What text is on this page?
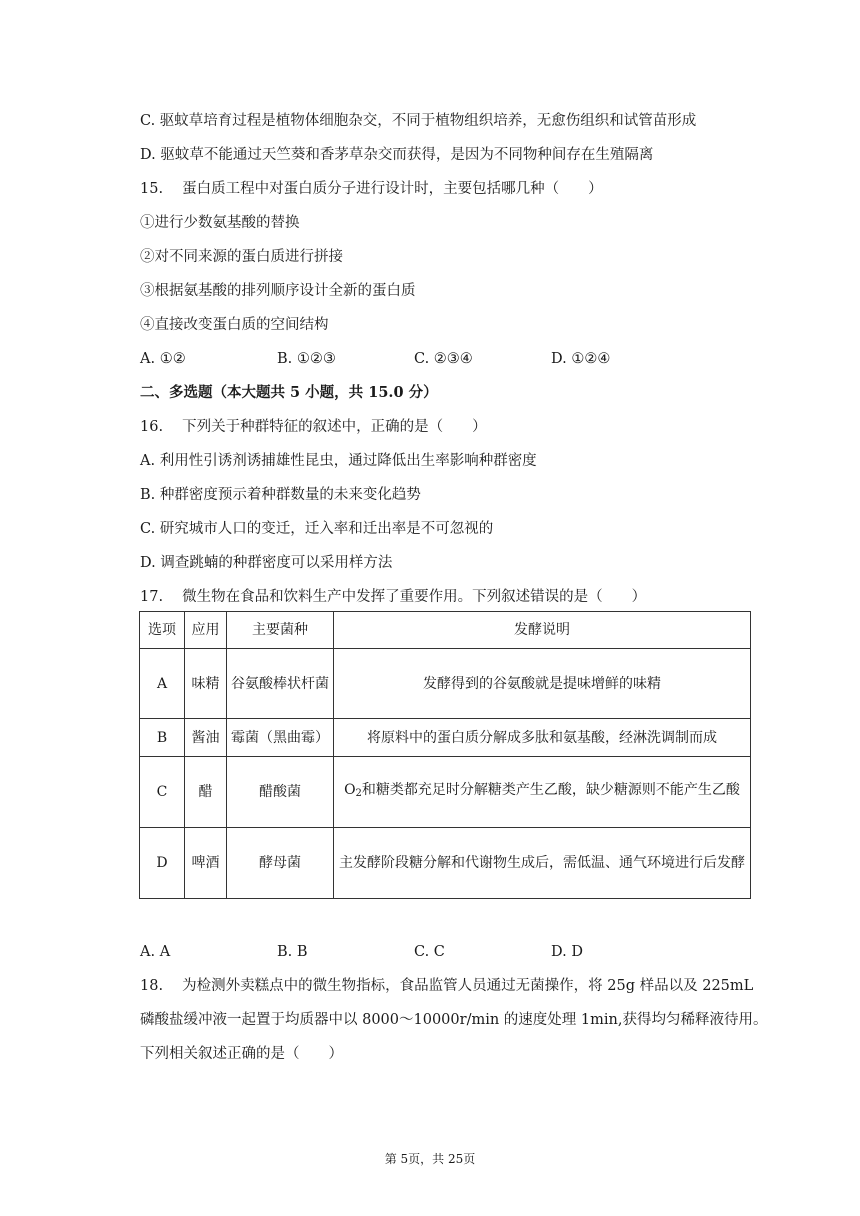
C. 驱蚊草培育过程是植物体细胞杂交，不同于植物组织培养，无愈伤组织和试管苗形成
D. 驱蚊草不能通过天竺葵和香茅草杂交而获得，是因为不同物种间存在生殖隔离
15.　 蛋白质工程中对蛋白质分子进行设计时，主要包括哪几种（　　）
①进行少数氨基酸的替换
②对不同来源的蛋白质进行拼接
③根据氨基酸的排列顺序设计全新的蛋白质
④直接改变蛋白质的空间结构
A. ①②	B. ①②③	C. ②③④	D. ①②④
二、多选题（本大题共 5 小题，共 15.0 分）
16.　 下列关于种群特征的叙述中，正确的是（　　）
A. 利用性引诱剂诱捕雄性昆虫，通过降低出生率影响种群密度
B. 种群密度预示着种群数量的未来变化趋势
C. 研究城市人口的变迁，迁入率和迁出率是不可忽视的
D. 调查跳蝻的种群密度可以采用样方法
17.　 微生物在食品和饮料生产中发挥了重要作用。下列叙述错误的是（　　）
选项	应用	主要菌种	发酵说明
A	味精	谷氨酸棒状杆菌	发酵得到的谷氨酸就是提味增鲜的味精
B	酱油	霉菌（黑曲霉）	将原料中的蛋白质分解成多肽和氨基酸，经淋洗调制而成
C	醋	醋酸菌	$O_2$和糖类都充足时分解糖类产生乙酸，缺少糖源则不能产生乙酸
D	啤酒	酵母菌	主发酵阶段糖分解和代谢物生成后，需低温、通气环境进行后发酵
A. A	B. B	C. C	D. D
18.　 为检测外卖糕点中的微生物指标，食品监管人员通过无菌操作，将 25g 样品以及 225mL
磷酸盐缓冲液一起置于均质器中以 8000～10000r/min 的速度处理 1min,获得均匀稀释液待用。
下列相关叙述正确的是（　　）
第 5页，共 25页
